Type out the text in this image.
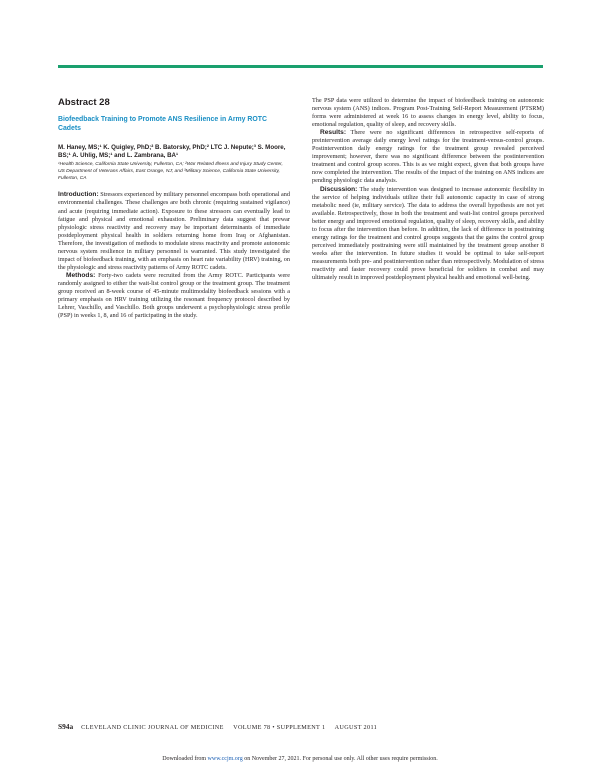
Abstract 28

Biofeedback Training to Promote ANS Resilience in Army ROTC Cadets

M. Haney, MS;¹ K. Quigley, PhD;² B. Batorsky, PhD;² LTC J. Nepute;³ S. Moore, BS;¹ A. Uhlig, MS;¹ and L. Zambrana, BA¹

¹Health Science, California State University, Fullerton, CA; ²War Related Illness and Injury Study Center, US Department of Veterans Affairs, East Orange, NJ; and ³Military Science, California State University, Fullerton, CA

Introduction: Stressors experienced by military personnel encompass both operational and environmental challenges. These challenges are both chronic (requiring sustained vigilance) and acute (requiring immediate action). Exposure to these stressors can eventually lead to fatigue and physical and emotional exhaustion. Preliminary data suggest that prewar physiologic stress reactivity and recovery may be important determinants of immediate postdeployment physical health in soldiers returning home from Iraq or Afghanistan. Therefore, the investigation of methods to modulate stress reactivity and promote autonomic nervous system resilience in military personnel is warranted. This study investigated the impact of biofeedback training, with an emphasis on heart rate variability (HRV) training, on the physiologic and stress reactivity patterns of Army ROTC cadets.

Methods: Forty-two cadets were recruited from the Army ROTC. Participants were randomly assigned to either the wait-list control group or the treatment group. The treatment group received an 8-week course of 45-minute multimodality biofeedback sessions with a primary emphasis on HRV training utilizing the resonant frequency protocol described by Lehrer, Vaschillo, and Vaschillo. Both groups underwent a psychophysiologic stress profile (PSP) in weeks 1, 8, and 16 of participating in the study.

The PSP data were utilized to determine the impact of biofeedback training on autonomic nervous system (ANS) indices. Program Post-Training Self-Report Measurement (PTSRM) forms were administered at week 16 to assess changes in energy level, ability to focus, emotional regulation, quality of sleep, and recovery skills.

Results: There were no significant differences in retrospective self-reports of preintervention average daily energy level ratings for the treatment-versus-control groups. Postintervention daily energy ratings for the treatment group revealed perceived improvement; however, there was no significant difference between the postintervention treatment and control group scores. This is as we might expect, given that both groups have now completed the intervention. The results of the impact of the training on ANS indices are pending physiologic data analysis.

Discussion: The study intervention was designed to increase autonomic flexibility in the service of helping individuals utilize their full autonomic capacity in case of strong metabolic need (ie, military service). The data to address the overall hypothesis are not yet available. Retrospectively, those in both the treatment and wait-list control groups perceived better energy and improved emotional regulation, quality of sleep, recovery skills, and ability to focus after the intervention than before. In addition, the lack of difference in posttraining energy ratings for the treatment and control groups suggests that the gains the control group perceived immediately posttraining were still maintained by the treatment group another 8 weeks after the intervention. In future studies it would be optimal to take self-report measurements both pre- and postintervention rather than retrospectively. Modulation of stress reactivity and faster recovery could prove beneficial for soldiers in combat and may ultimately result in improved postdeployment physical health and emotional well-being.

S94a CLEVELAND CLINIC JOURNAL OF MEDICINE VOLUME 78 • SUPPLEMENT 1 AUGUST 2011
Downloaded from www.ccjm.org on November 27, 2021. For personal use only. All other uses require permission.
